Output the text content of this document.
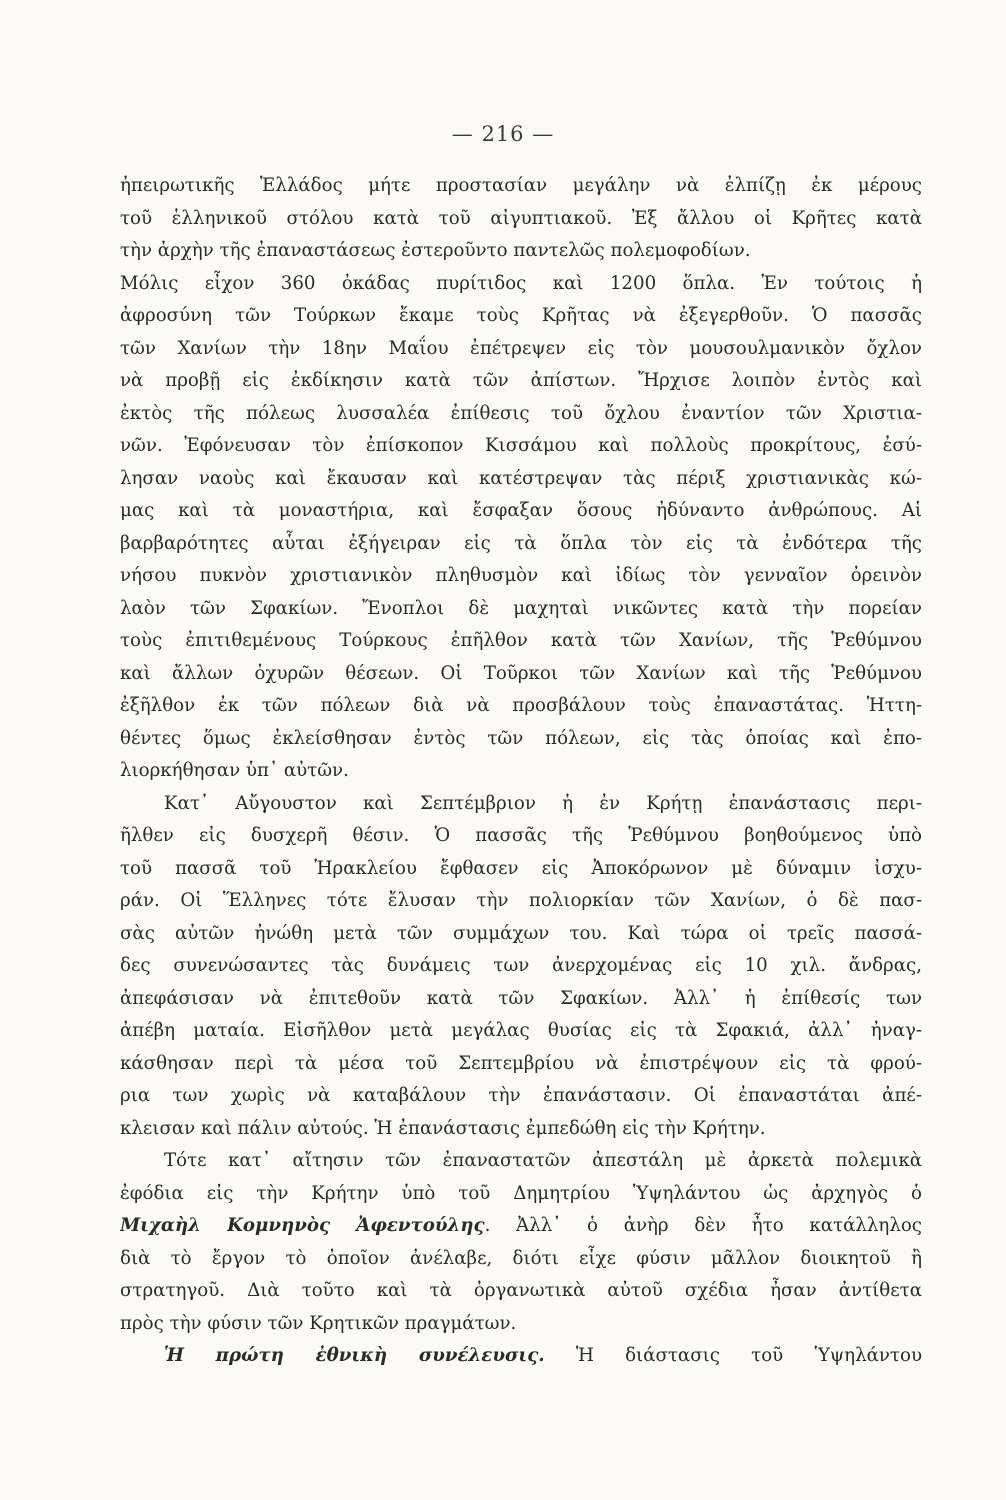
— 216 —
ἠπειρωτικῆς Ἑλλάδος μήτε προστασίαν μεγάλην νὰ ἐλπίζῃ ἐκ μέρους
τοῦ ἑλληνικοῦ στόλου κατὰ τοῦ αἰγυπτιακοῦ. Ἐξ ἄλλου οἱ Κρῆτες κατὰ
τὴν ἀρχὴν τῆς ἐπαναστάσεως ἐστεροῦντο παντελῶς πολεμοφοδίων.
Μόλις εἶχον 360 ὀκάδας πυρίτιδος καὶ 1200 ὅπλα. Ἐν τούτοις ἡ
ἀφροσύνη τῶν Τούρκων ἔκαμε τοὺς Κρῆτας νὰ ἐξεγερθοῦν. Ὁ πασσᾶς
τῶν Χανίων τὴν 18ην Μαΐου ἐπέτρεψεν εἰς τὸν μουσουλμανικὸν ὄχλον
νὰ προβῇ εἰς ἐκδίκησιν κατὰ τῶν ἀπίστων. Ἤρχισε λοιπὸν ἐντὸς καὶ
ἐκτὸς τῆς πόλεως λυσσαλέα ἐπίθεσις τοῦ ὄχλου ἐναντίον τῶν Χριστια-
νῶν. Ἐφόνευσαν τὸν ἐπίσκοπον Κισσάμου καὶ πολλοὺς προκρίτους, ἐσύ-
λησαν ναοὺς καὶ ἔκαυσαν καὶ κατέστρεψαν τὰς πέριξ χριστιανικὰς κώ-
μας καὶ τὰ μοναστήρια, καὶ ἔσφαξαν ὅσους ἠδύναντο ἀνθρώπους. Αἱ
βαρβαρότητες αὗται ἐξήγειραν εἰς τὰ ὅπλα τὸν εἰς τὰ ἐνδότερα τῆς
νήσου πυκνὸν χριστιανικὸν πληθυσμὸν καὶ ἰδίως τὸν γενναῖον ὀρεινὸν
λαὸν τῶν Σφακίων. Ἔνοπλοι δὲ μαχηταὶ νικῶντες κατὰ τὴν πορείαν
τοὺς ἐπιτιθεμένους Τούρκους ἐπῆλθον κατὰ τῶν Χανίων, τῆς Ῥεθύμνου
καὶ ἄλλων ὀχυρῶν θέσεων. Οἱ Τοῦρκοι τῶν Χανίων καὶ τῆς Ῥεθύμνου
ἐξῆλθον ἐκ τῶν πόλεων διὰ νὰ προσβάλουν τοὺς ἐπαναστάτας. Ἡττη-
θέντες ὅμως ἐκλείσθησαν ἐντὸς τῶν πόλεων, εἰς τὰς ὁποίας καὶ ἐπο-
λιορκήθησαν ὑπ᾽ αὐτῶν.
Κατ᾽ Αὔγουστον καὶ Σεπτέμβριον ἡ ἐν Κρήτῃ ἐπανάστασις περι-
ῆλθεν εἰς δυσχερῆ θέσιν. Ὁ πασσᾶς τῆς Ῥεθύμνου βοηθούμενος ὑπὸ
τοῦ πασσᾶ τοῦ Ἡρακλείου ἔφθασεν εἰς Ἀποκόρωνον μὲ δύναμιν ἰσχυ-
ράν. Οἱ Ἕλληνες τότε ἔλυσαν τὴν πολιορκίαν τῶν Χανίων, ὁ δὲ πασ-
σὰς αὐτῶν ἠνώθη μετὰ τῶν συμμάχων του. Καὶ τώρα οἱ τρεῖς πασσά-
δες συνενώσαντες τὰς δυνάμεις των ἀνερχομένας εἰς 10 χιλ. ἄνδρας,
ἀπεφάσισαν νὰ ἐπιτεθοῦν κατὰ τῶν Σφακίων. Ἀλλ᾽ ἡ ἐπίθεσίς των
ἀπέβη ματαία. Εἰσῆλθον μετὰ μεγάλας θυσίας εἰς τὰ Σφακιά, ἀλλ᾽ ἠναγ-
κάσθησαν περὶ τὰ μέσα τοῦ Σεπτεμβρίου νὰ ἐπιστρέψουν εἰς τὰ φρού-
ρια των χωρὶς νὰ καταβάλουν τὴν ἐπανάστασιν. Οἱ ἐπαναστάται ἀπέ-
κλεισαν καὶ πάλιν αὐτούς. Ἡ ἐπανάστασις ἐμπεδώθη εἰς τὴν Κρήτην.
Τότε κατ᾽ αἴτησιν τῶν ἐπαναστατῶν ἀπεστάλη μὲ ἀρκετὰ πολεμικὰ
ἐφόδια εἰς τὴν Κρήτην ὑπὸ τοῦ Δημητρίου Ὑψηλάντου ὡς ἀρχηγὸς ὁ
Μιχαὴλ Κομνηνὸς Ἀφεντούλης. Ἀλλ᾽ ὁ ἀνὴρ δὲν ἦτο κατάλληλος
διὰ τὸ ἔργον τὸ ὁποῖον ἀνέλαβε, διότι εἶχε φύσιν μᾶλλον διοικητοῦ ἢ
στρατηγοῦ. Διὰ τοῦτο καὶ τὰ ὀργανωτικὰ αὐτοῦ σχέδια ἦσαν ἀντίθετα
πρὸς τὴν φύσιν τῶν Κρητικῶν πραγμάτων.
Ἡ πρώτη ἐθνικὴ συνέλευσις. Ἡ διάστασις τοῦ Ὑψηλάντου
